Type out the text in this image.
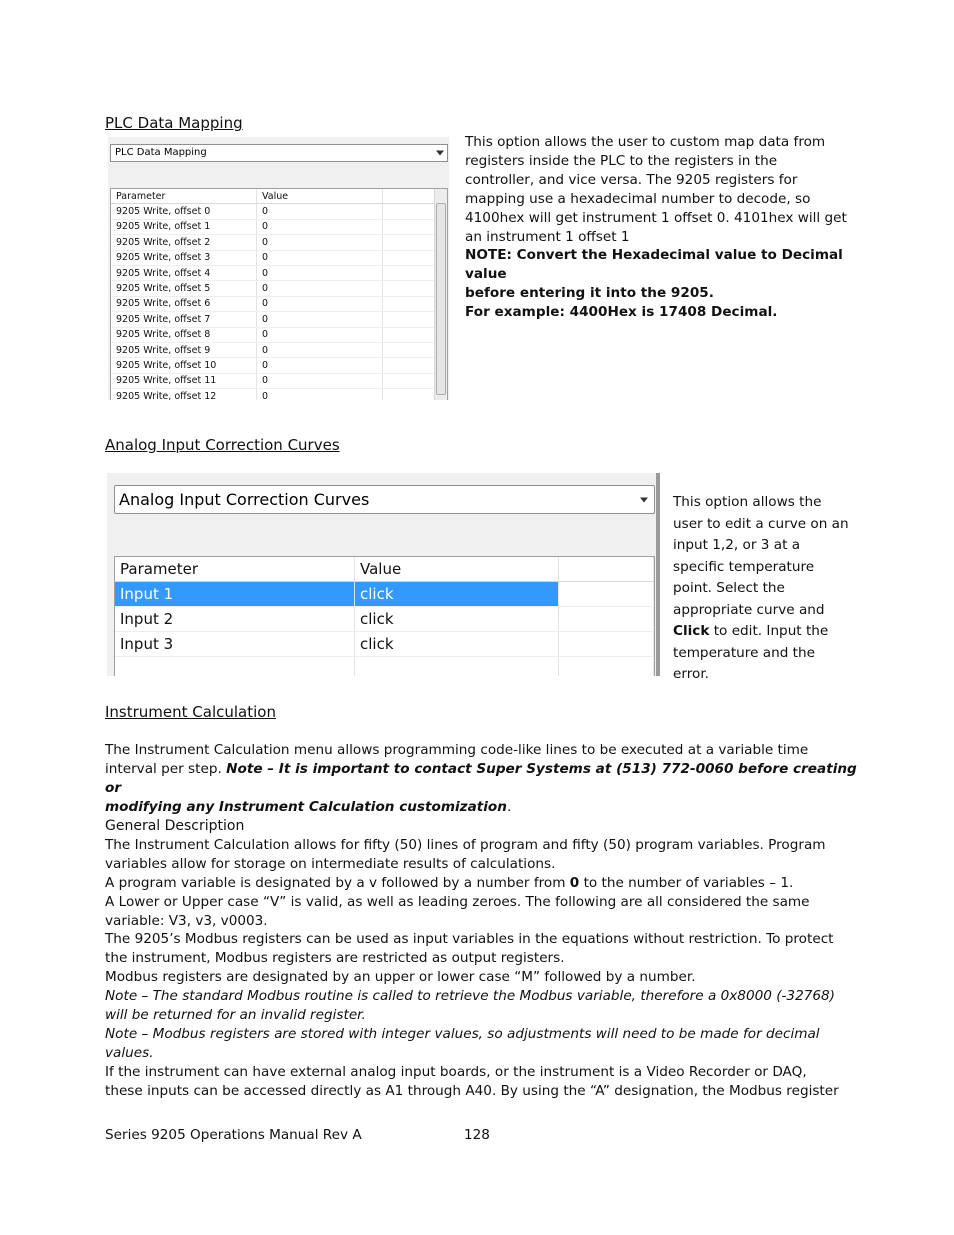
PLC Data Mapping
PLC Data Mapping
Parameter	Value	
9205 Write, offset 0	0	
9205 Write, offset 1	0	
9205 Write, offset 2	0	
9205 Write, offset 3	0	
9205 Write, offset 4	0	
9205 Write, offset 5	0	
9205 Write, offset 6	0	
9205 Write, offset 7	0	
9205 Write, offset 8	0	
9205 Write, offset 9	0	
9205 Write, offset 10	0	
9205 Write, offset 11	0	
9205 Write, offset 12	0	
This option allows the user to custom map data from
registers inside the PLC to the registers in the
controller, and vice versa. The 9205 registers for
mapping use a hexadecimal number to decode, so
4100hex will get instrument 1 offset 0. 4101hex will get
an instrument 1 offset 1
NOTE: Convert the Hexadecimal value to Decimal value
before entering it into the 9205.
For example: 4400Hex is 17408 Decimal.
Analog Input Correction Curves
Analog Input Correction Curves
Parameter	Value	
Input 1	click	
Input 2	click	
Input 3	click	

This option allows the
user to edit a curve on an
input 1,2, or 3 at a
specific temperature
point. Select the
appropriate curve and
Click to edit. Input the
temperature and the
error.
Instrument Calculation
The Instrument Calculation menu allows programming code-like lines to be executed at a variable time
interval per step. Note – It is important to contact Super Systems at (513) 772-0060 before creating or
modifying any Instrument Calculation customization.
General Description
The Instrument Calculation allows for fifty (50) lines of program and fifty (50) program variables. Program
variables allow for storage on intermediate results of calculations.
A program variable is designated by a v followed by a number from 0 to the number of variables – 1.
A Lower or Upper case “V” is valid, as well as leading zeroes. The following are all considered the same
variable: V3, v3, v0003.
The 9205’s Modbus registers can be used as input variables in the equations without restriction. To protect
the instrument, Modbus registers are restricted as output registers.
Modbus registers are designated by an upper or lower case “M” followed by a number.
Note – The standard Modbus routine is called to retrieve the Modbus variable, therefore a 0x8000 (-32768)
will be returned for an invalid register.
Note – Modbus registers are stored with integer values, so adjustments will need to be made for decimal
values.
If the instrument can have external analog input boards, or the instrument is a Video Recorder or DAQ,
these inputs can be accessed directly as A1 through A40. By using the “A” designation, the Modbus register
Series 9205 Operations Manual Rev A	128
